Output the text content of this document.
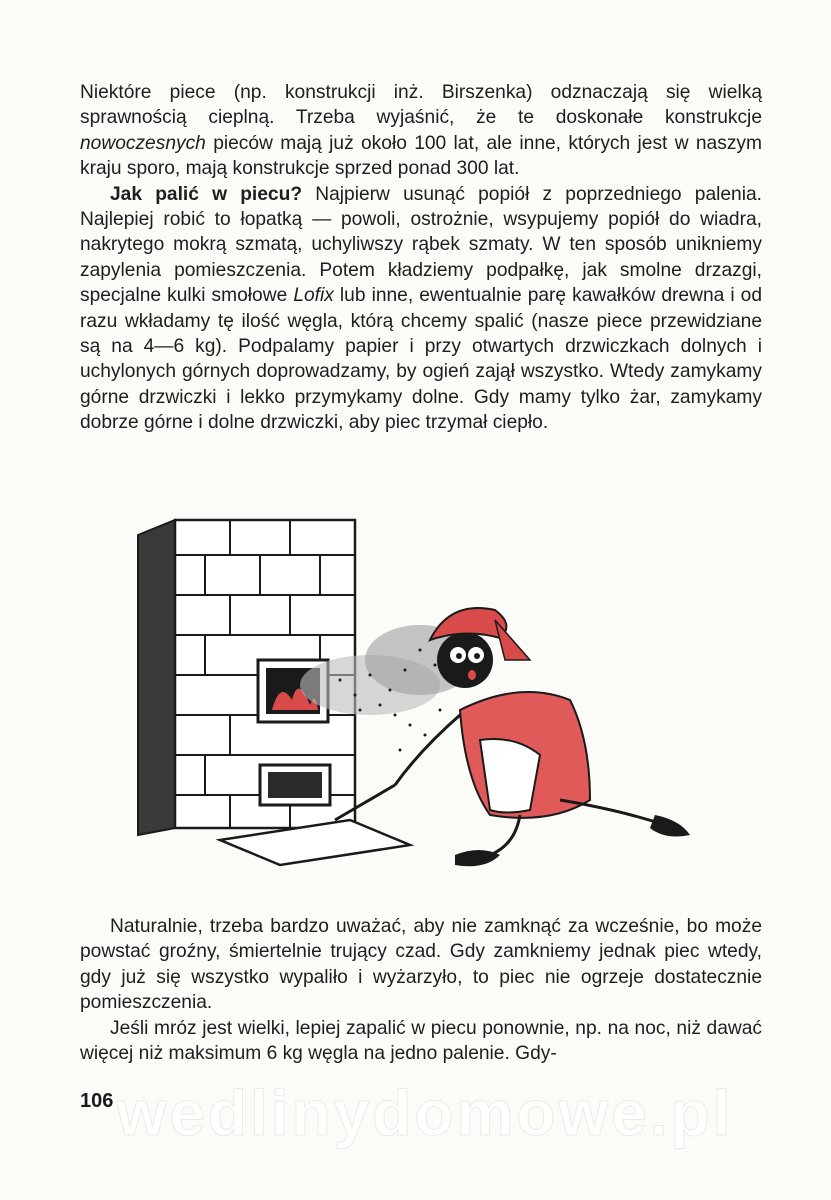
Niektóre piece (np. konstrukcji inż. Birszenka) odznaczają się wielką sprawnością cieplną. Trzeba wyjaśnić, że te doskonałe konstrukcje nowoczesnych pieców mają już około 100 lat, ale inne, których jest w naszym kraju sporo, mają konstrukcje sprzed ponad 300 lat.

Jak palić w piecu? Najpierw usunąć popiół z poprzedniego palenia. Najlepiej robić to łopatką — powoli, ostrożnie, wsypujemy popiół do wiadra, nakrytego mokrą szmatą, uchyliwszy rąbek szmaty. W ten sposób unikniemy zapylenia pomieszczenia. Potem kładziemy podpałkę, jak smolne drzazgi, specjalne kulki smołowe Lofix lub inne, ewentualnie parę kawałków drewna i od razu wkładamy tę ilość węgla, którą chcemy spalić (nasze piece przewidziane są na 4—6 kg). Podpalamy papier i przy otwartych drzwiczkach dolnych i uchylonych górnych doprowadzamy, by ogień zajął wszystko. Wtedy zamykamy górne drzwiczki i lekko przymykamy dolne. Gdy mamy tylko żar, zamykamy dobrze górne i dolne drzwiczki, aby piec trzymał ciepło.

Naturalnie, trzeba bardzo uważać, aby nie zamknąć za wcześnie, bo może powstać groźny, śmiertelnie trujący czad. Gdy zamkniemy jednak piec wtedy, gdy już się wszystko wypaliło i wyżarzyło, to piec nie ogrzeje dostatecznie pomieszczenia.

Jeśli mróz jest wielki, lepiej zapalić w piecu ponownie, np. na noc, niż dawać więcej niż maksimum 6 kg węgla na jedno palenie. Gdy-

106 wedlinydomowe.pl
